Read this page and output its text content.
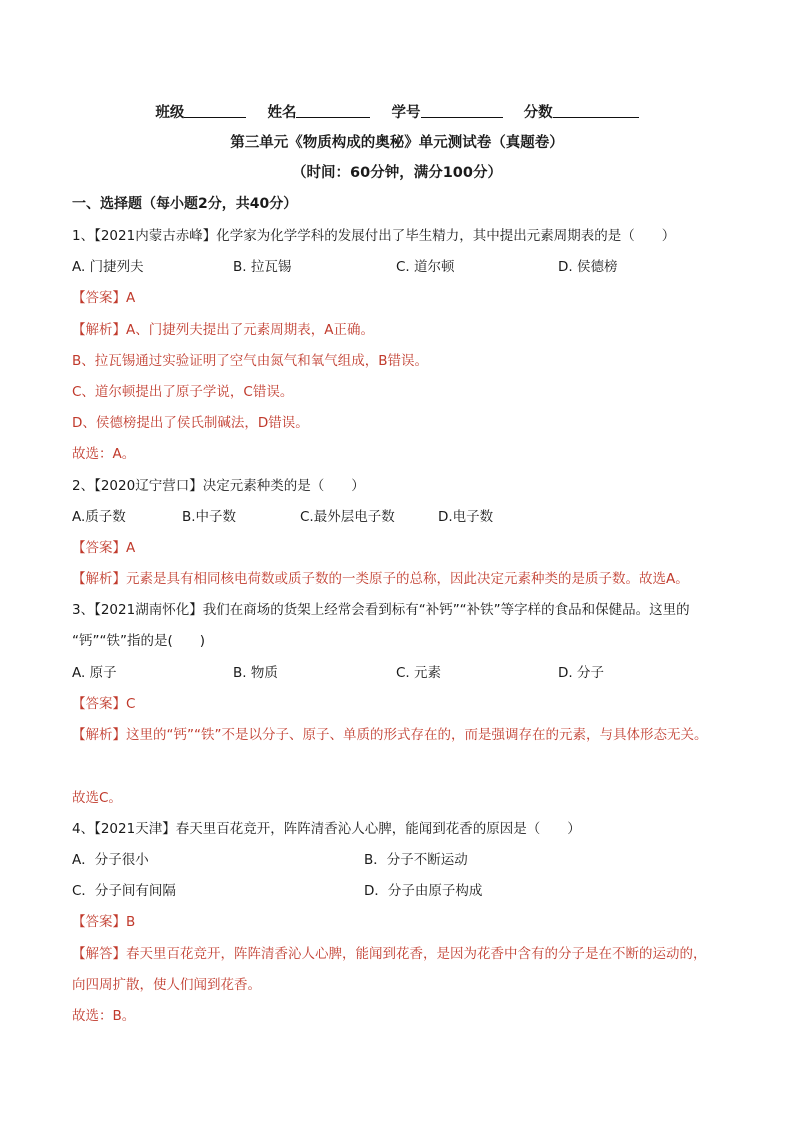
班级	姓名	学号	分数
第三单元《物质构成的奥秘》单元测试卷（真题卷）
（时间：60分钟，满分100分）
一、选择题（每小题2分，共40分）
1、【2021内蒙古赤峰】化学家为化学学科的发展付出了毕生精力，其中提出元素周期表的是（　　）
A. 门捷列夫	B. 拉瓦锡	C. 道尔顿	D. 侯德榜
【答案】A
【解析】A、门捷列夫提出了元素周期表，A正确。
B、拉瓦锡通过实验证明了空气由氮气和氧气组成，B错误。
C、道尔顿提出了原子学说，C错误。
D、侯德榜提出了侯氏制碱法，D错误。
故选：A。
2、【2020辽宁营口】决定元素种类的是（　　）
A.质子数	B.中子数	C.最外层电子数	D.电子数
【答案】A
【解析】元素是具有相同核电荷数或质子数的一类原子的总称，因此决定元素种类的是质子数。故选A。
3、【2021湖南怀化】我们在商场的货架上经常会看到标有“补钙”“补铁”等字样的食品和保健品。这里的
“钙”“铁”指的是(　　)
A. 原子	B. 物质	C. 元素	D. 分子
【答案】C
【解析】这里的“钙”“铁”不是以分子、原子、单质的形式存在的，而是强调存在的元素，与具体形态无关。
故选C。
4、【2021天津】春天里百花竞开，阵阵清香沁人心脾，能闻到花香的原因是（　　）
A．分子很小	B．分子不断运动
C．分子间有间隔	D．分子由原子构成
【答案】B
【解答】春天里百花竞开，阵阵清香沁人心脾，能闻到花香，是因为花香中含有的分子是在不断的运动的，
向四周扩散，使人们闻到花香。
故选：B。
